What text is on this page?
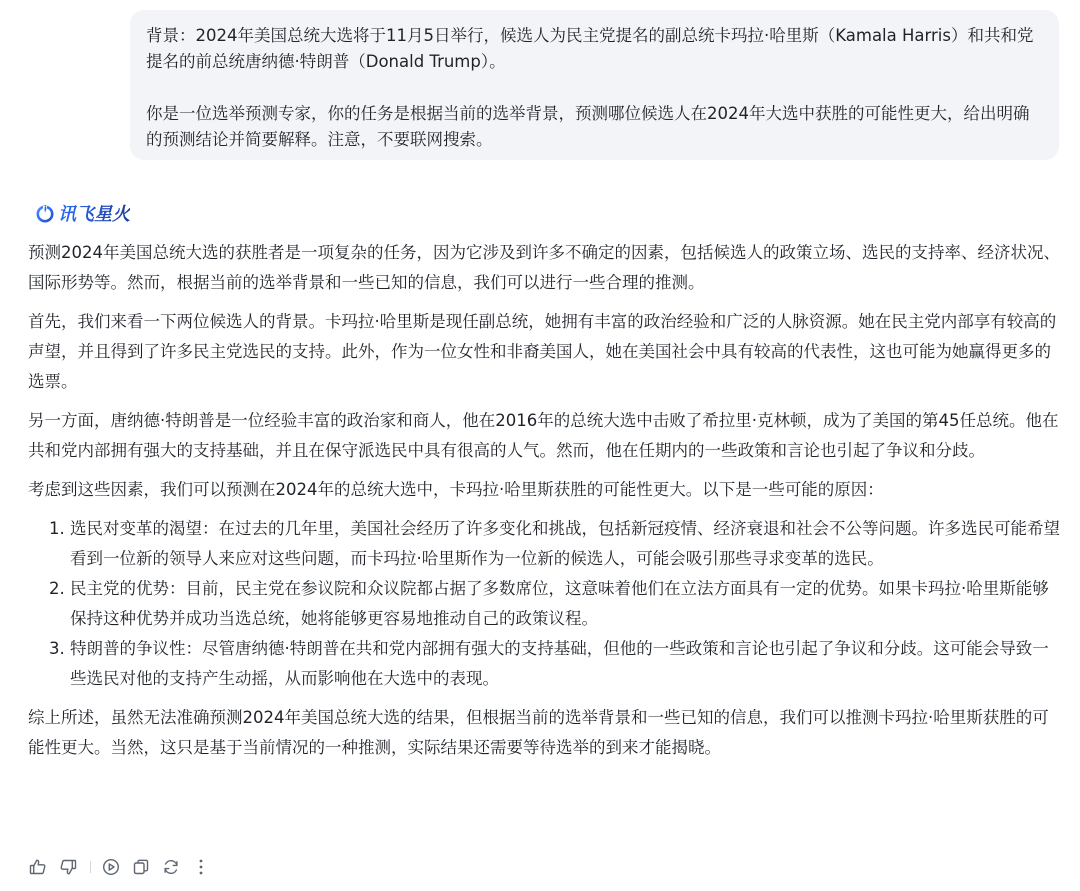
背景：2024年美国总统大选将于11月5日举行，候选人为民主党提名的副总统卡玛拉·哈里斯（Kamala Harris）和共和党提名的前总统唐纳德·特朗普（Donald Trump）。

你是一位选举预测专家，你的任务是根据当前的选举背景，预测哪位候选人在2024年大选中获胜的可能性更大，给出明确的预测结论并简要解释。注意，不要联网搜索。

讯飞星火

预测2024年美国总统大选的获胜者是一项复杂的任务，因为它涉及到许多不确定的因素，包括候选人的政策立场、选民的支持率、经济状况、国际形势等。然而，根据当前的选举背景和一些已知的信息，我们可以进行一些合理的推测。

首先，我们来看一下两位候选人的背景。卡玛拉·哈里斯是现任副总统，她拥有丰富的政治经验和广泛的人脉资源。她在民主党内部享有较高的声望，并且得到了许多民主党选民的支持。此外，作为一位女性和非裔美国人，她在美国社会中具有较高的代表性，这也可能为她赢得更多的选票。

另一方面，唐纳德·特朗普是一位经验丰富的政治家和商人，他在2016年的总统大选中击败了希拉里·克林顿，成为了美国的第45任总统。他在共和党内部拥有强大的支持基础，并且在保守派选民中具有很高的人气。然而，他在任期内的一些政策和言论也引起了争议和分歧。

考虑到这些因素，我们可以预测在2024年的总统大选中，卡玛拉·哈里斯获胜的可能性更大。以下是一些可能的原因：

1. 选民对变革的渴望：在过去的几年里，美国社会经历了许多变化和挑战，包括新冠疫情、经济衰退和社会不公等问题。许多选民可能希望看到一位新的领导人来应对这些问题，而卡玛拉·哈里斯作为一位新的候选人，可能会吸引那些寻求变革的选民。
2. 民主党的优势：目前，民主党在参议院和众议院都占据了多数席位，这意味着他们在立法方面具有一定的优势。如果卡玛拉·哈里斯能够保持这种优势并成功当选总统，她将能够更容易地推动自己的政策议程。
3. 特朗普的争议性：尽管唐纳德·特朗普在共和党内部拥有强大的支持基础，但他的一些政策和言论也引起了争议和分歧。这可能会导致一些选民对他的支持产生动摇，从而影响他在大选中的表现。

综上所述，虽然无法准确预测2024年美国总统大选的结果，但根据当前的选举背景和一些已知的信息，我们可以推测卡玛拉·哈里斯获胜的可能性更大。当然，这只是基于当前情况的一种推测，实际结果还需要等待选举的到来才能揭晓。
